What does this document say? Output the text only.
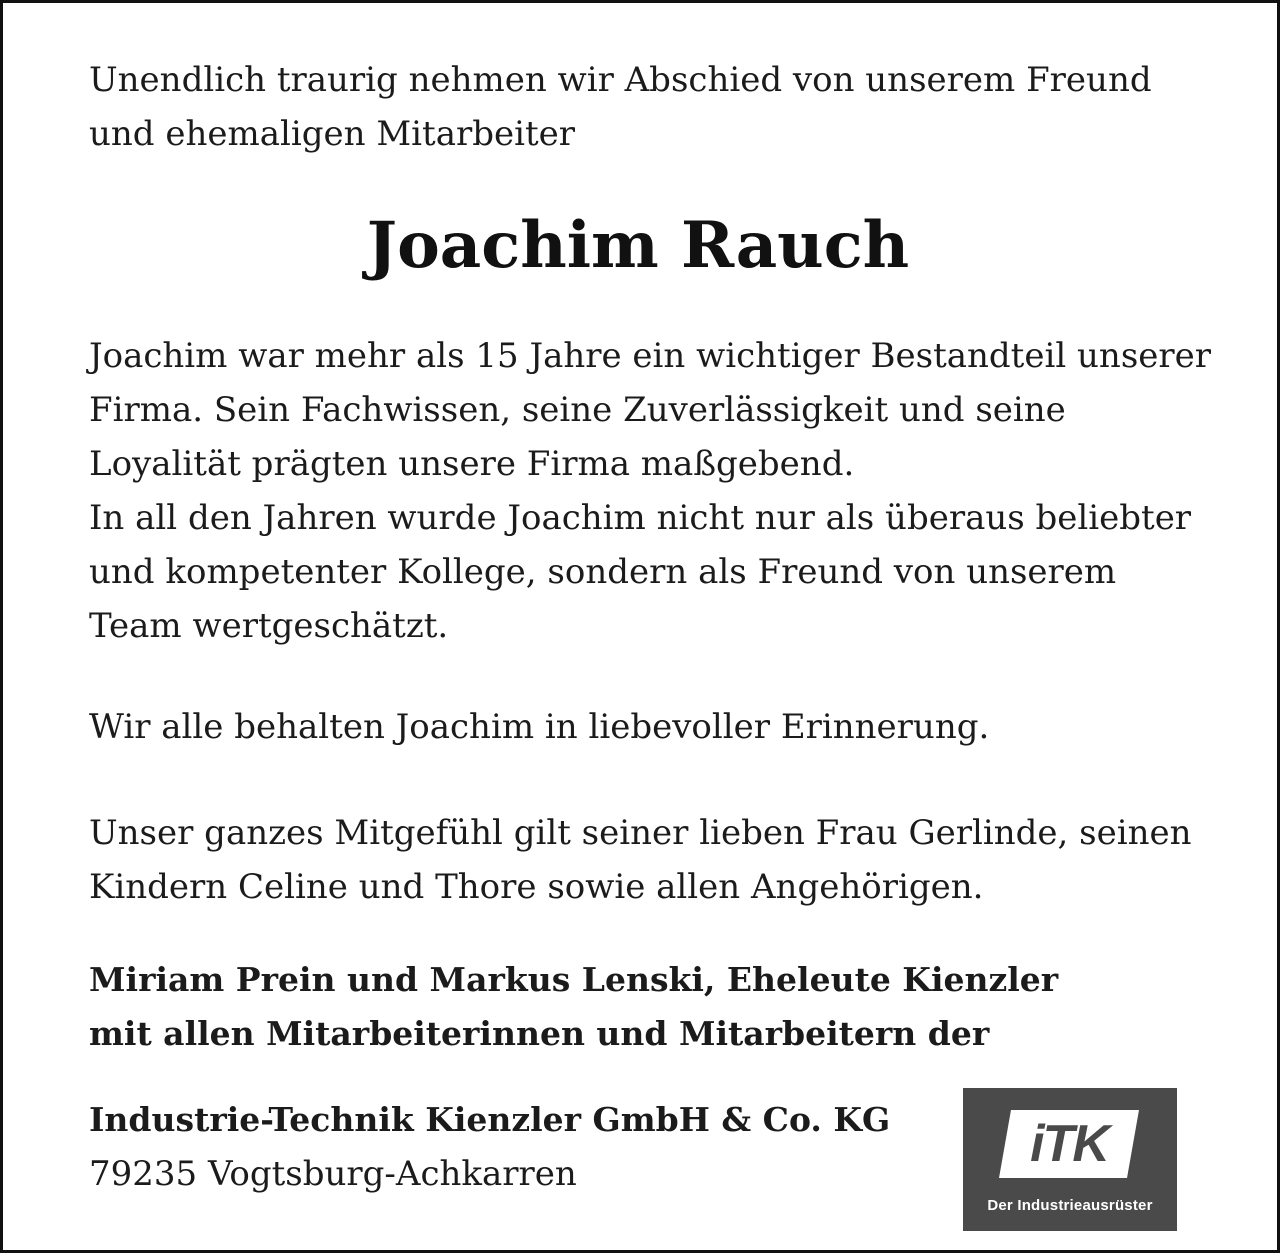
Unendlich traurig nehmen wir Abschied von unserem Freund
und ehemaligen Mitarbeiter

Joachim Rauch

Joachim war mehr als 15 Jahre ein wichtiger Bestandteil unserer
Firma. Sein Fachwissen, seine Zuverlässigkeit und seine
Loyalität prägten unsere Firma maßgebend.
In all den Jahren wurde Joachim nicht nur als überaus beliebter
und kompetenter Kollege, sondern als Freund von unserem
Team wertgeschätzt.

Wir alle behalten Joachim in liebevoller Erinnerung.

Unser ganzes Mitgefühl gilt seiner lieben Frau Gerlinde, seinen
Kindern Celine und Thore sowie allen Angehörigen.

Miriam Prein und Markus Lenski, Eheleute Kienzler
mit allen Mitarbeiterinnen und Mitarbeitern der

Industrie-Technik Kienzler GmbH & Co. KG

79235 Vogtsburg-Achkarren

iTK
Der Industrieausrüster
